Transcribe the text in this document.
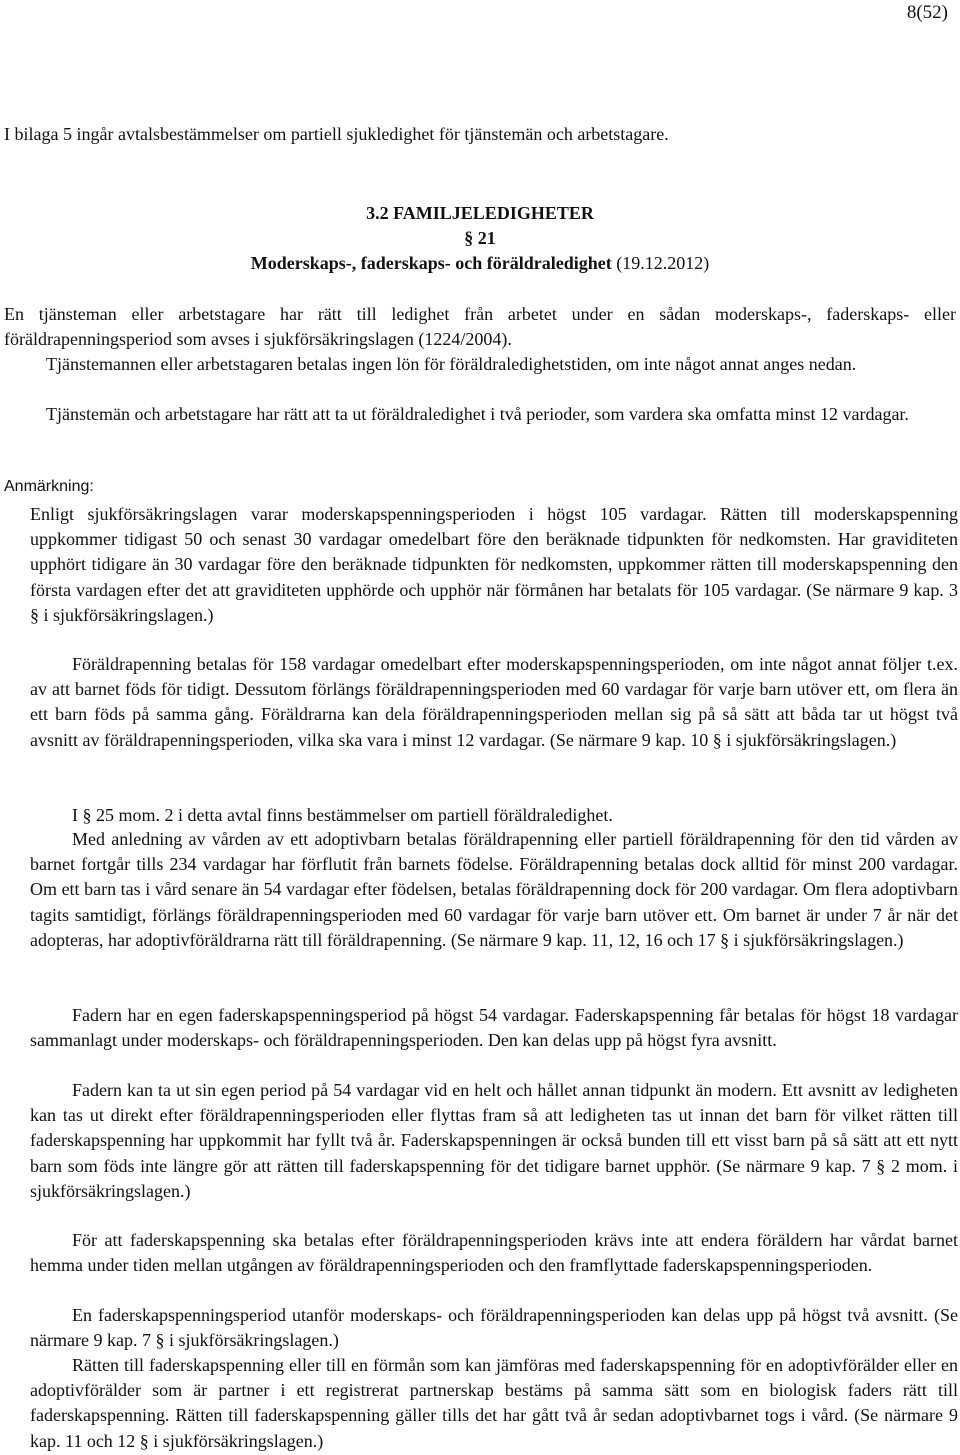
8(52)

I bilaga 5 ingår avtalsbestämmelser om partiell sjukledighet för tjänstemän och arbetstagare.

3.2 FAMILJELEDIGHETER
§ 21
Moderskaps-, faderskaps- och föräldraledighet (19.12.2012)

En tjänsteman eller arbetstagare har rätt till ledighet från arbetet under en sådan moderskaps-, faderskaps- eller föräldrapenningsperiod som avses i sjukförsäkringslagen (1224/2004).

Tjänstemannen eller arbetstagaren betalas ingen lön för föräldraledighetstiden, om inte något annat anges nedan.

Tjänstemän och arbetstagare har rätt att ta ut föräldraledighet i två perioder, som vardera ska omfatta minst 12 vardagar.

Anmärkning:

Enligt sjukförsäkringslagen varar moderskapspenningsperioden i högst 105 vardagar. Rätten till moderskapspenning uppkommer tidigast 50 och senast 30 vardagar omedelbart före den beräknade tidpunkten för nedkomsten. Har graviditeten upphört tidigare än 30 vardagar före den beräknade tidpunkten för nedkomsten, uppkommer rätten till moderskapspenning den första vardagen efter det att graviditeten upphörde och upphör när förmånen har betalats för 105 vardagar. (Se närmare 9 kap. 3 § i sjukförsäkringslagen.)

Föräldrapenning betalas för 158 vardagar omedelbart efter moderskapspenningsperioden, om inte något annat följer t.ex. av att barnet föds för tidigt. Dessutom förlängs föräldrapenningsperioden med 60 vardagar för varje barn utöver ett, om flera än ett barn föds på samma gång. Föräldrarna kan dela föräldrapenningsperioden mellan sig på så sätt att båda tar ut högst två avsnitt av föräldrapenningsperioden, vilka ska vara i minst 12 vardagar. (Se närmare 9 kap. 10 § i sjukförsäkringslagen.)

I § 25 mom. 2 i detta avtal finns bestämmelser om partiell föräldraledighet.

Med anledning av vården av ett adoptivbarn betalas föräldrapenning eller partiell föräldrapenning för den tid vården av barnet fortgår tills 234 vardagar har förflutit från barnets födelse. Föräldrapenning betalas dock alltid för minst 200 vardagar. Om ett barn tas i vård senare än 54 vardagar efter födelsen, betalas föräldrapenning dock för 200 vardagar. Om flera adoptivbarn tagits samtidigt, förlängs föräldrapenningsperioden med 60 vardagar för varje barn utöver ett. Om barnet är under 7 år när det adopteras, har adoptivföräldrarna rätt till föräldrapenning. (Se närmare 9 kap. 11, 12, 16 och 17 § i sjukförsäkringslagen.)

Fadern har en egen faderskapspenningsperiod på högst 54 vardagar. Faderskapspenning får betalas för högst 18 vardagar sammanlagt under moderskaps- och föräldrapenningsperioden. Den kan delas upp på högst fyra avsnitt.

Fadern kan ta ut sin egen period på 54 vardagar vid en helt och hållet annan tidpunkt än modern. Ett avsnitt av ledigheten kan tas ut direkt efter föräldrapenningsperioden eller flyttas fram så att ledigheten tas ut innan det barn för vilket rätten till faderskapspenning har uppkommit har fyllt två år. Faderskapspenningen är också bunden till ett visst barn på så sätt att ett nytt barn som föds inte längre gör att rätten till faderskapspenning för det tidigare barnet upphör. (Se närmare 9 kap. 7 § 2 mom. i sjukförsäkringslagen.)

För att faderskapspenning ska betalas efter föräldrapenningsperioden krävs inte att endera föräldern har vårdat barnet hemma under tiden mellan utgången av föräldrapenningsperioden och den framflyttade faderskapspenningsperioden.

En faderskapspenningsperiod utanför moderskaps- och föräldrapenningsperioden kan delas upp på högst två avsnitt. (Se närmare 9 kap. 7 § i sjukförsäkringslagen.)

Rätten till faderskapspenning eller till en förmån som kan jämföras med faderskapspenning för en adoptivförälder eller en adoptivförälder som är partner i ett registrerat partnerskap bestäms på samma sätt som en biologisk faders rätt till faderskapspenning. Rätten till faderskapspenning gäller tills det har gått två år sedan adoptivbarnet togs i vård. (Se närmare 9 kap. 11 och 12 § i sjukförsäkringslagen.)
